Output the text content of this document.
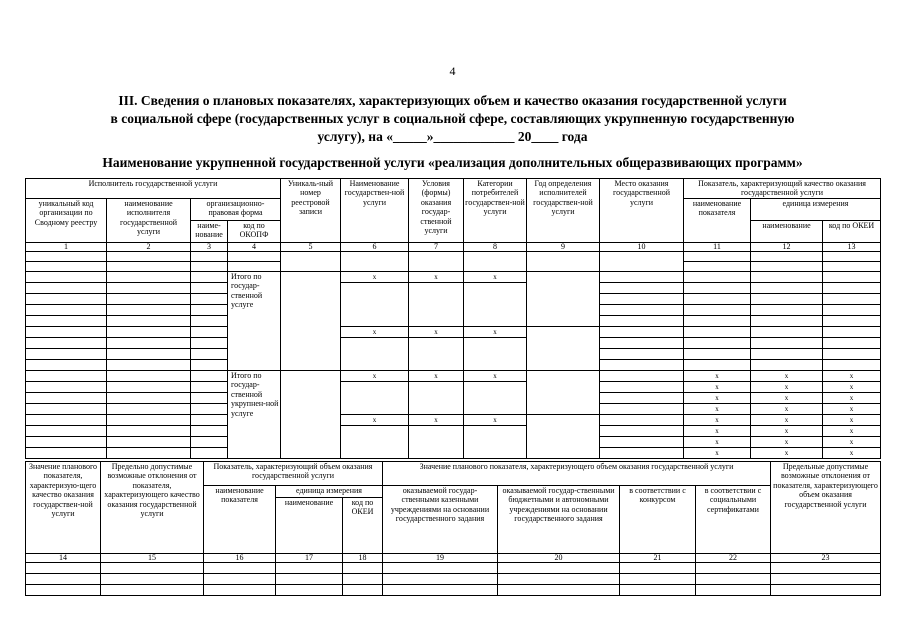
4
III. Сведения о плановых показателях, характеризующих объем и качество оказания государственной услуги
в социальной сфере (государственных услуг в социальной сфере, составляющих укрупненную государственную
услугу), на «_____»____________ 20____ года
Наименование укрупненной государственной услуги «реализация дополнительных общеразвивающих программ»
Исполнитель государственной услуги				Уникаль-ный номер реестровой записи	Наименование государствен-ной услуги	Условия (формы) оказания государ-ственной услуги	Категории потребителей государствен-ной услуги	Год определения исполнителей государствен-ной услуги	Место оказания государственной услуги	Показатель, характеризующий качество оказания государственной услуги		
уникальный код организации по Сводному реестру	наименование исполнителя государственной услуги	организационно-правовая форма								наименование показателя	единица измерения	
		наиме-нование	код по ОКОПФ								наименование	код по ОКЕИ
1	2	3	4	5	6	7	8	9	10	11	12	13

			Итого по государ-ственной услуге		x	x	x					

					x	x	x					

			Итого по государ-ственной укрупнен-ной услуге		x	x	x			x	x	x
										x	x	x
										x	x	x
										x	x	x
					x	x	x			x	x	x
										x	x	x
										x	x	x
										x	x	x
Значение планового показателя, характеризую-щего качество оказания государствен-ной услуги	Предельно допустимые возможные отклонения от показателя, характеризующего качество оказания государственной услуги	Показатель, характеризующий объем оказания государственной услуги			Значение планового показателя, характеризующего объем оказания государственной услуги				Предельные допустимые возможные отклонения от показателя, характеризующего объем оказания государственной услуги
		наименование показателя	единица измерения		оказываемой государ-ственными казенными учреждениями на основании государственного задания	оказываемой государ-ственными бюджетными и автономными учреждениями на основании государственного задания	в соответствии с конкурсом	в соответствии с социальными сертификатами	
			наименование	код по ОКЕИ					
14	15	16	17	18	19	20	21	22	23
